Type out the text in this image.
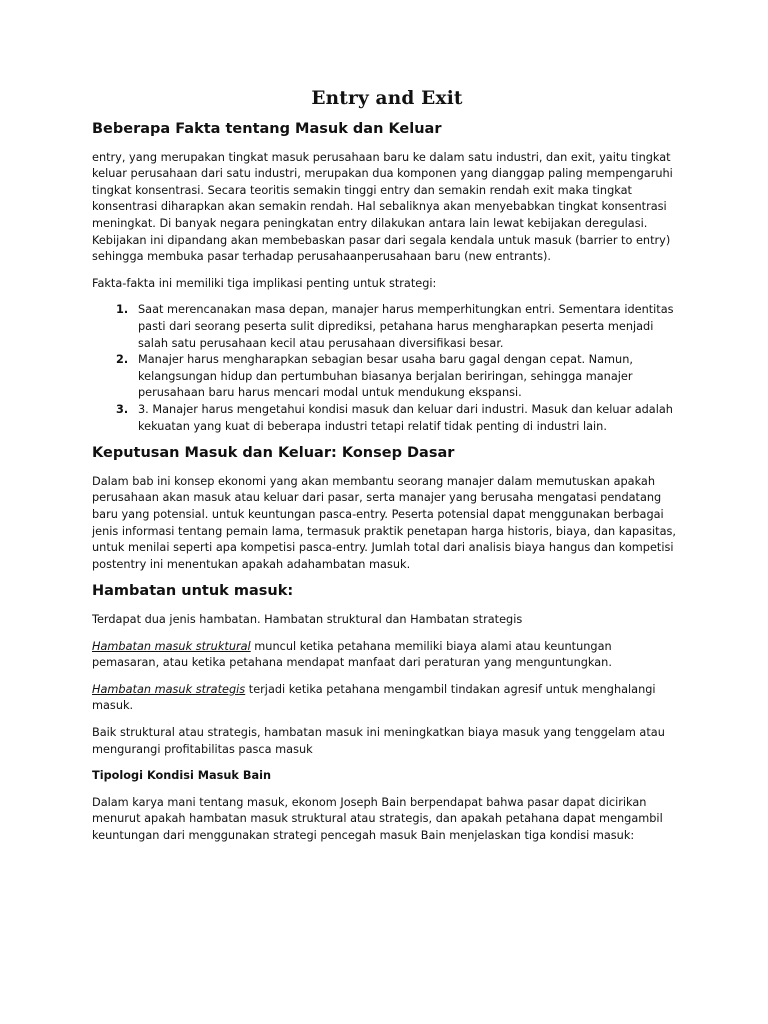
Entry and Exit
Beberapa Fakta tentang Masuk dan Keluar

entry, yang merupakan tingkat masuk perusahaan baru ke dalam satu industri, dan exit, yaitu tingkat keluar perusahaan dari satu industri, merupakan dua komponen yang dianggap paling mempengaruhi tingkat konsentrasi. Secara teoritis semakin tinggi entry dan semakin rendah exit maka tingkat konsentrasi diharapkan akan semakin rendah. Hal sebaliknya akan menyebabkan tingkat konsentrasi meningkat. Di banyak negara peningkatan entry dilakukan antara lain lewat kebijakan deregulasi. Kebijakan ini dipandang akan membebaskan pasar dari segala kendala untuk masuk (barrier to entry) sehingga membuka pasar terhadap perusahaanperusahaan baru (new entrants).

Fakta-fakta ini memiliki tiga implikasi penting untuk strategi:

1. Saat merencanakan masa depan, manajer harus memperhitungkan entri. Sementara identitas pasti dari seorang peserta sulit diprediksi, petahana harus mengharapkan peserta menjadi salah satu perusahaan kecil atau perusahaan diversifikasi besar.
2. Manajer harus mengharapkan sebagian besar usaha baru gagal dengan cepat. Namun, kelangsungan hidup dan pertumbuhan biasanya berjalan beriringan, sehingga manajer perusahaan baru harus mencari modal untuk mendukung ekspansi.
3. 3. Manajer harus mengetahui kondisi masuk dan keluar dari industri. Masuk dan keluar adalah kekuatan yang kuat di beberapa industri tetapi relatif tidak penting di industri lain.
Keputusan Masuk dan Keluar: Konsep Dasar

Dalam bab ini konsep ekonomi yang akan membantu seorang manajer dalam memutuskan apakah perusahaan akan masuk atau keluar dari pasar, serta manajer yang berusaha mengatasi pendatang baru yang potensial. untuk keuntungan pasca-entry. Peserta potensial dapat menggunakan berbagai jenis informasi tentang pemain lama, termasuk praktik penetapan harga historis, biaya, dan kapasitas, untuk menilai seperti apa kompetisi pasca-entry. Jumlah total dari analisis biaya hangus dan kompetisi postentry ini menentukan apakah adahambatan masuk.

Hambatan untuk masuk:

Terdapat dua jenis hambatan. Hambatan struktural dan Hambatan strategis

Hambatan masuk struktural muncul ketika petahana memiliki biaya alami atau keuntungan pemasaran, atau ketika petahana mendapat manfaat dari peraturan yang menguntungkan.

Hambatan masuk strategis terjadi ketika petahana mengambil tindakan agresif untuk menghalangi masuk.

Baik struktural atau strategis, hambatan masuk ini meningkatkan biaya masuk yang tenggelam atau mengurangi profitabilitas pasca masuk

Tipologi Kondisi Masuk Bain

Dalam karya mani tentang masuk, ekonom Joseph Bain berpendapat bahwa pasar dapat dicirikan menurut apakah hambatan masuk struktural atau strategis, dan apakah petahana dapat mengambil keuntungan dari menggunakan strategi pencegah masuk Bain menjelaskan tiga kondisi masuk:
